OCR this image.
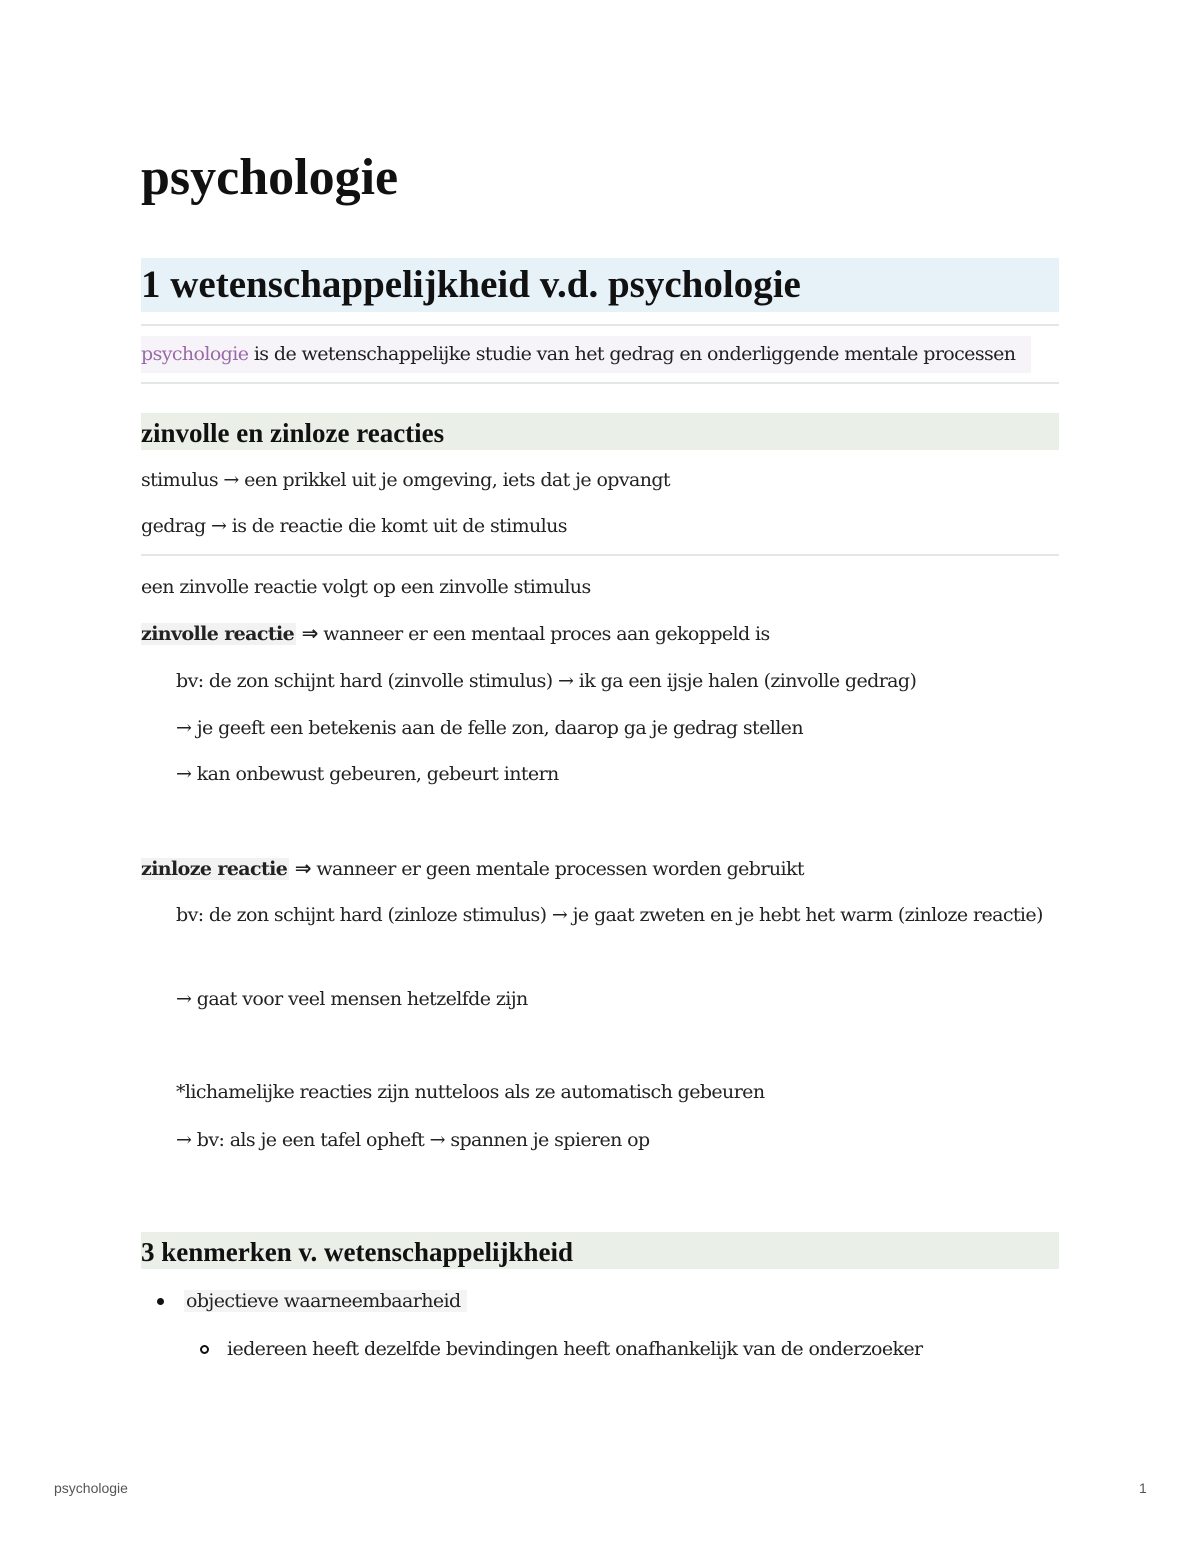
psychologie
1 wetenschappelijkheid v.d. psychologie
psychologie is de wetenschappelijke studie van het gedrag en onderliggende mentale processen
zinvolle en zinloze reacties

stimulus → een prikkel uit je omgeving, iets dat je opvangt

gedrag → is de reactie die komt uit de stimulus

een zinvolle reactie volgt op een zinvolle stimulus

zinvolle reactie ⇒ wanneer er een mentaal proces aan gekoppeld is

bv: de zon schijnt hard (zinvolle stimulus) → ik ga een ijsje halen (zinvolle gedrag)

→ je geeft een betekenis aan de felle zon, daarop ga je gedrag stellen

→ kan onbewust gebeuren, gebeurt intern

zinloze reactie ⇒ wanneer er geen mentale processen worden gebruikt

bv: de zon schijnt hard (zinloze stimulus) → je gaat zweten en je hebt het warm (zinloze reactie)

→ gaat voor veel mensen hetzelfde zijn

*lichamelijke reacties zijn nutteloos als ze automatisch gebeuren

→ bv: als je een tafel opheft → spannen je spieren op

3 kenmerken v. wetenschappelijkheid

objectieve waarneembaarheid

iedereen heeft dezelfde bevindingen heeft onafhankelijk van de onderzoeker

psychologie	1
